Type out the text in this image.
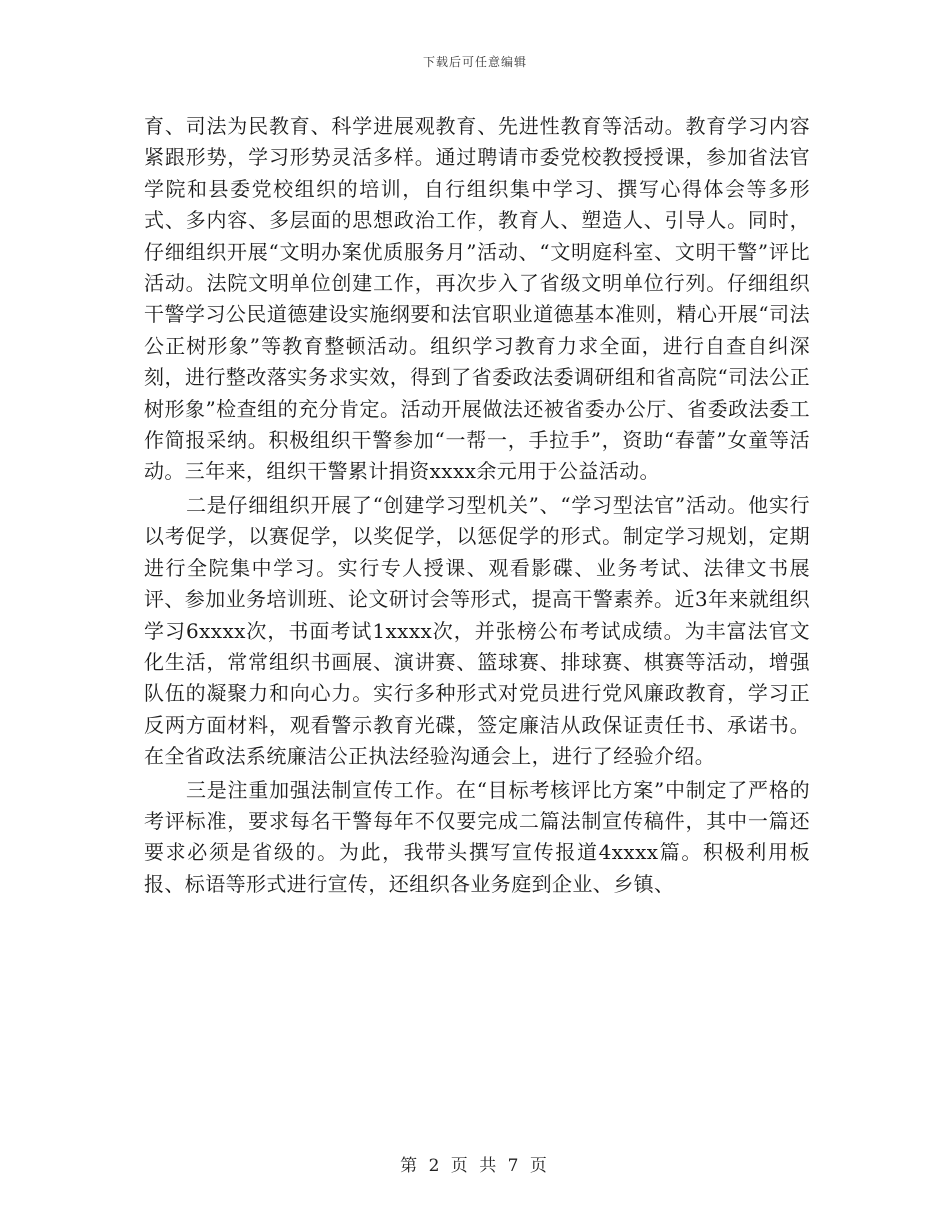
下载后可任意编辑

育、司法为民教育、科学进展观教育、先进性教育等活动。教育学习内容紧跟形势，学习形势灵活多样。通过聘请市委党校教授授课，参加省法官学院和县委党校组织的培训，自行组织集中学习、撰写心得体会等多形式、多内容、多层面的思想政治工作，教育人、塑造人、引导人。同时，仔细组织开展“文明办案优质服务月”活动、“文明庭科室、文明干警”评比活动。法院文明单位创建工作，再次步入了省级文明单位行列。仔细组织干警学习公民道德建设实施纲要和法官职业道德基本准则，精心开展“司法公正树形象”等教育整顿活动。组织学习教育力求全面，进行自查自纠深刻，进行整改落实务求实效，得到了省委政法委调研组和省高院“司法公正树形象”检查组的充分肯定。活动开展做法还被省委办公厅、省委政法委工作简报采纳。积极组织干警参加“一帮一，手拉手”，资助“春蕾”女童等活动。三年来，组织干警累计捐资xxxx余元用于公益活动。

二是仔细组织开展了“创建学习型机关”、“学习型法官”活动。他实行以考促学，以赛促学，以奖促学，以惩促学的形式。制定学习规划，定期进行全院集中学习。实行专人授课、观看影碟、业务考试、法律文书展评、参加业务培训班、论文研讨会等形式，提高干警素养。近3年来就组织学习6xxxx次，书面考试1xxxx次，并张榜公布考试成绩。为丰富法官文化生活，常常组织书画展、演讲赛、篮球赛、排球赛、棋赛等活动，增强队伍的凝聚力和向心力。实行多种形式对党员进行党风廉政教育，学习正反两方面材料，观看警示教育光碟，签定廉洁从政保证责任书、承诺书。在全省政法系统廉洁公正执法经验沟通会上，进行了经验介绍。

三是注重加强法制宣传工作。在“目标考核评比方案”中制定了严格的考评标准，要求每名干警每年不仅要完成二篇法制宣传稿件，其中一篇还要求必须是省级的。为此，我带头撰写宣传报道4xxxx篇。积极利用板报、标语等形式进行宣传，还组织各业务庭到企业、乡镇、

第 2 页 共 7 页
